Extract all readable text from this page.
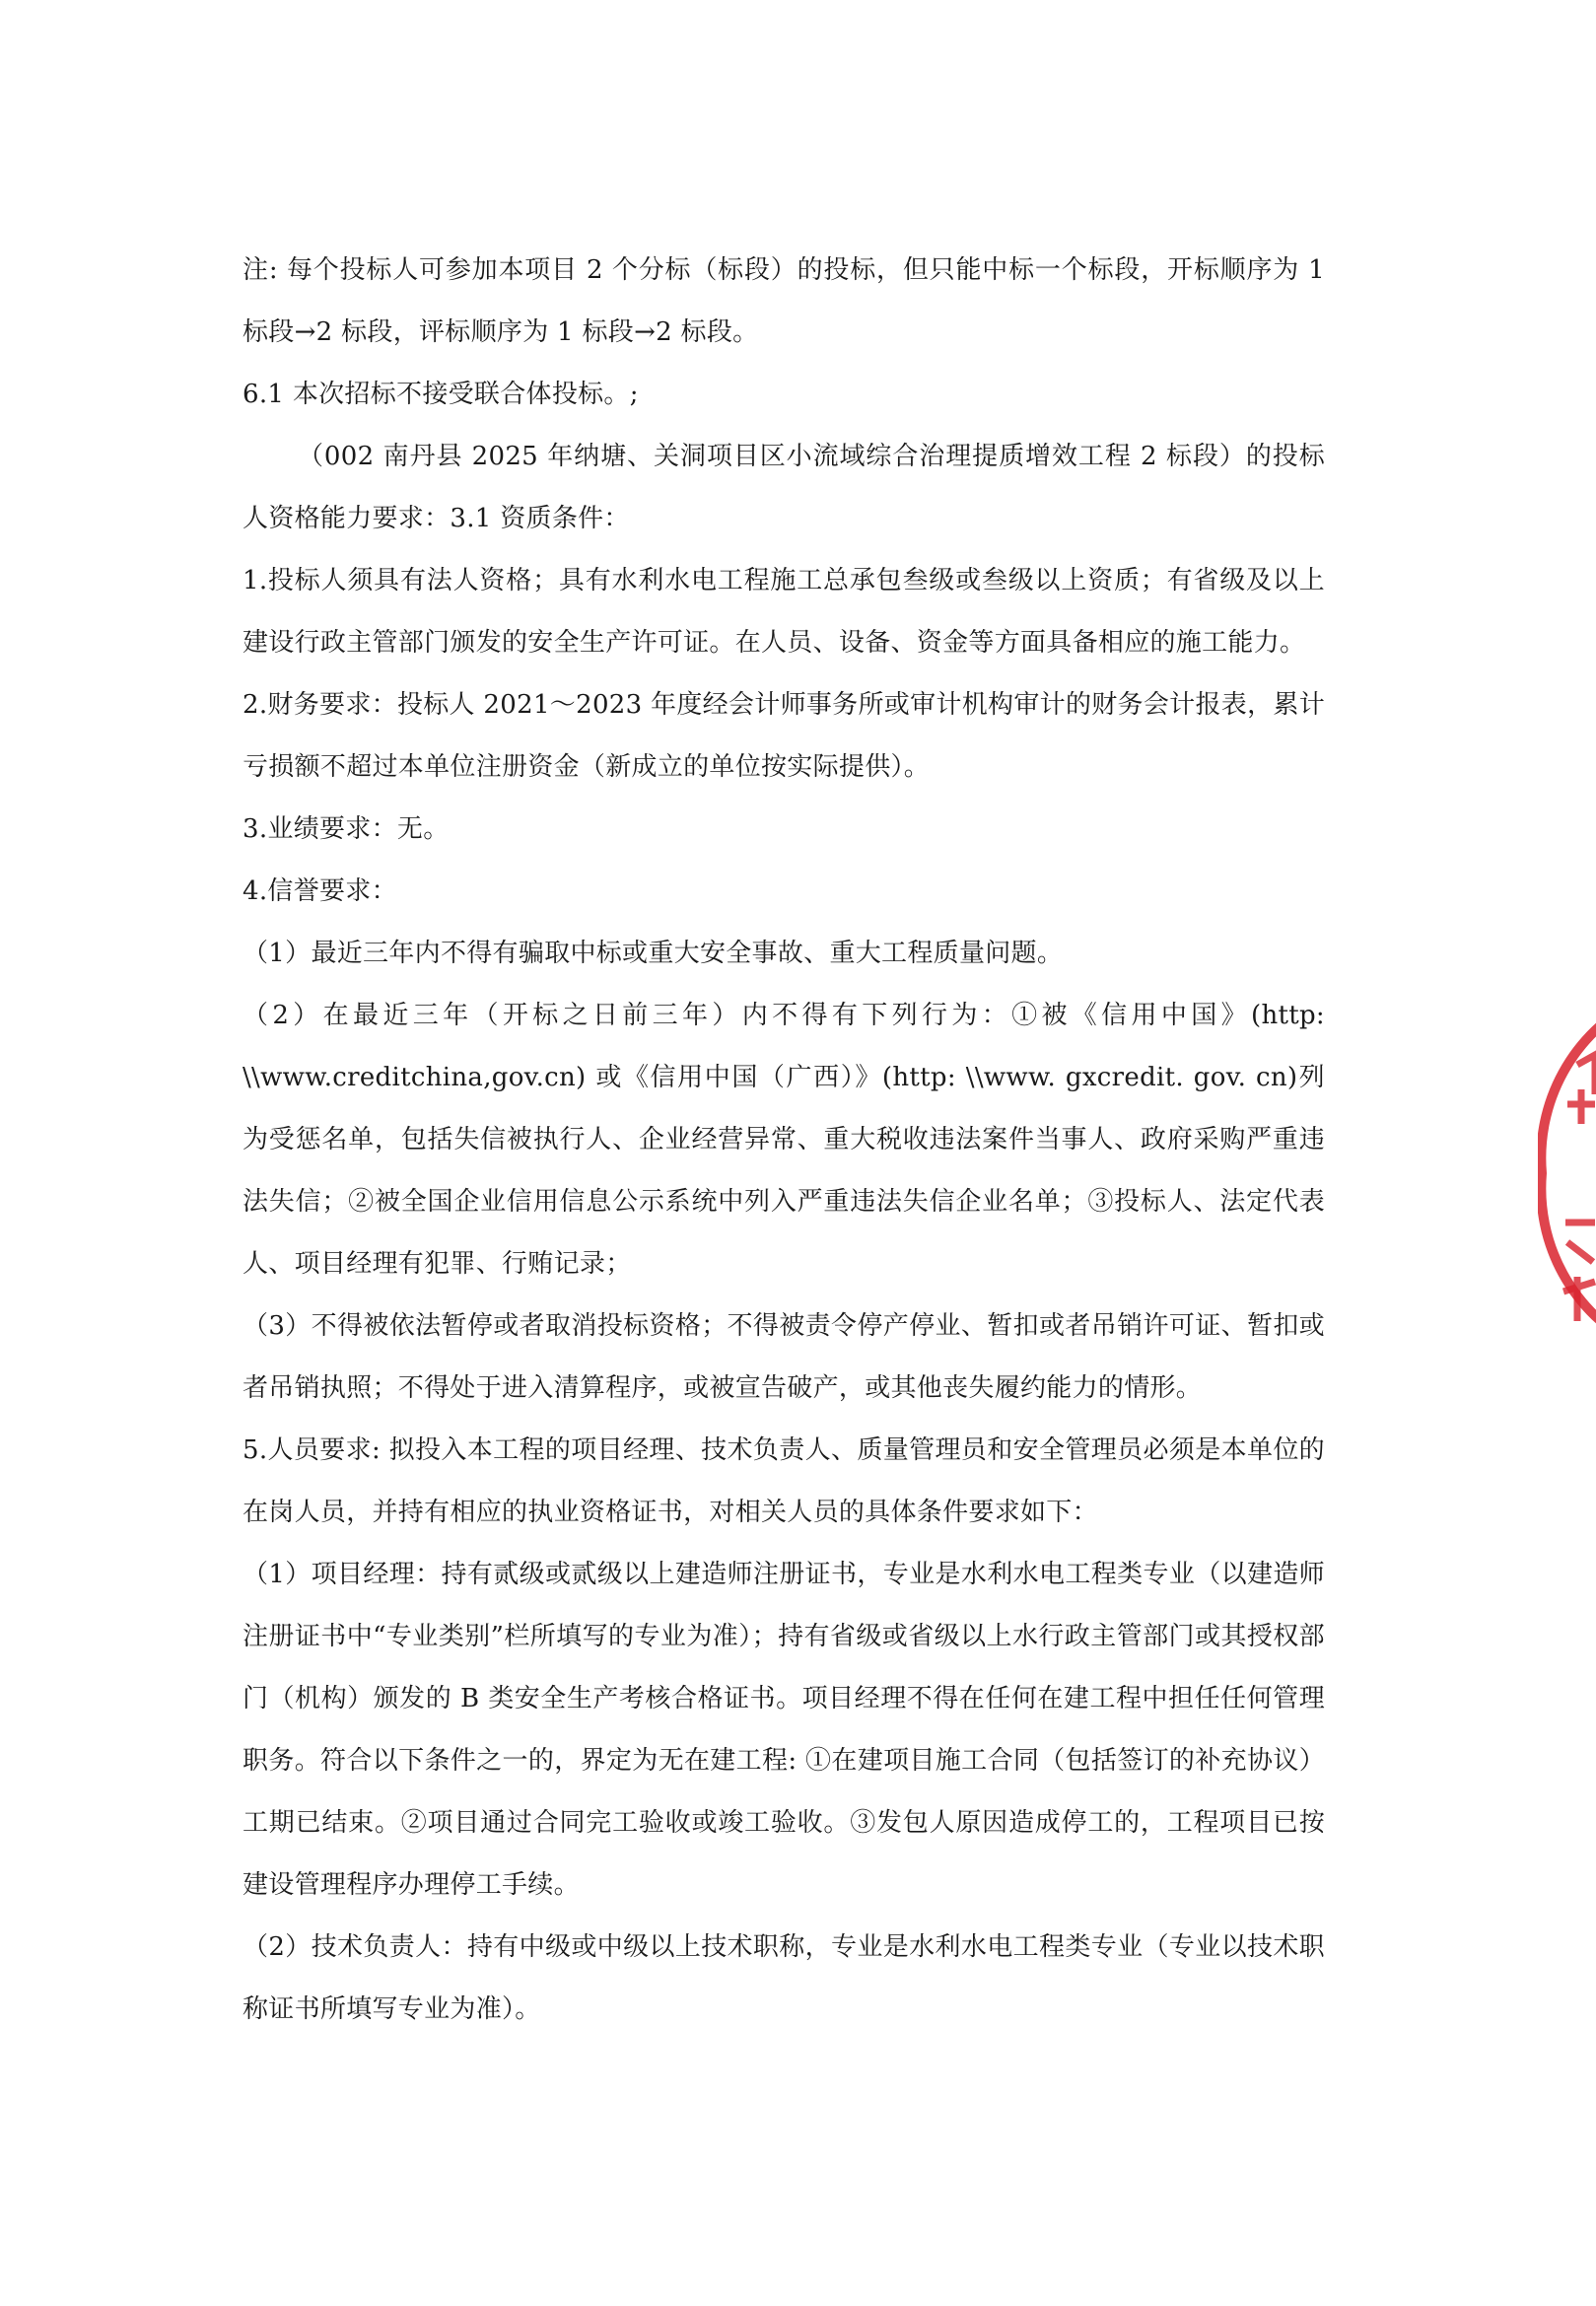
注: 每个投标人可参加本项目 2 个分标（标段）的投标，但只能中标一个标段，开标顺序为 1 标段→2 标段，评标顺序为 1 标段→2 标段。

6.1 本次招标不接受联合体投标。;

（002 南丹县 2025 年纳塘、关洞项目区小流域综合治理提质增效工程 2 标段）的投标人资格能力要求：3.1 资质条件：

1.投标人须具有法人资格；具有水利水电工程施工总承包叁级或叁级以上资质；有省级及以上建设行政主管部门颁发的安全生产许可证。在人员、设备、资金等方面具备相应的施工能力。

2.财务要求：投标人 2021～2023 年度经会计师事务所或审计机构审计的财务会计报表，累计亏损额不超过本单位注册资金（新成立的单位按实际提供）。

3.业绩要求：无。

4.信誉要求：

（1）最近三年内不得有骗取中标或重大安全事故、重大工程质量问题。

（2）在最近三年（开标之日前三年）内不得有下列行为：①被《信用中国》(http: \\www.creditchina,gov.cn) 或《信用中国（广西）》(http: \\www. gxcredit. gov. cn)列为受惩名单，包括失信被执行人、企业经营异常、重大税收违法案件当事人、政府采购严重违法失信；②被全国企业信用信息公示系统中列入严重违法失信企业名单；③投标人、法定代表人、项目经理有犯罪、行贿记录；

（3）不得被依法暂停或者取消投标资格；不得被责令停产停业、暂扣或者吊销许可证、暂扣或者吊销执照；不得处于进入清算程序，或被宣告破产，或其他丧失履约能力的情形。

5.人员要求: 拟投入本工程的项目经理、技术负责人、质量管理员和安全管理员必须是本单位的在岗人员，并持有相应的执业资格证书，对相关人员的具体条件要求如下：

（1）项目经理：持有贰级或贰级以上建造师注册证书，专业是水利水电工程类专业（以建造师注册证书中“专业类别”栏所填写的专业为准）；持有省级或省级以上水行政主管部门或其授权部门（机构）颁发的 B 类安全生产考核合格证书。项目经理不得在任何在建工程中担任任何管理职务。符合以下条件之一的，界定为无在建工程: ①在建项目施工合同（包括签订的补充协议）工期已结束。②项目通过合同完工验收或竣工验收。③发包人原因造成停工的，工程项目已按建设管理程序办理停工手续。

（2）技术负责人：持有中级或中级以上技术职称，专业是水利水电工程类专业（专业以技术职称证书所填写专业为准）。
